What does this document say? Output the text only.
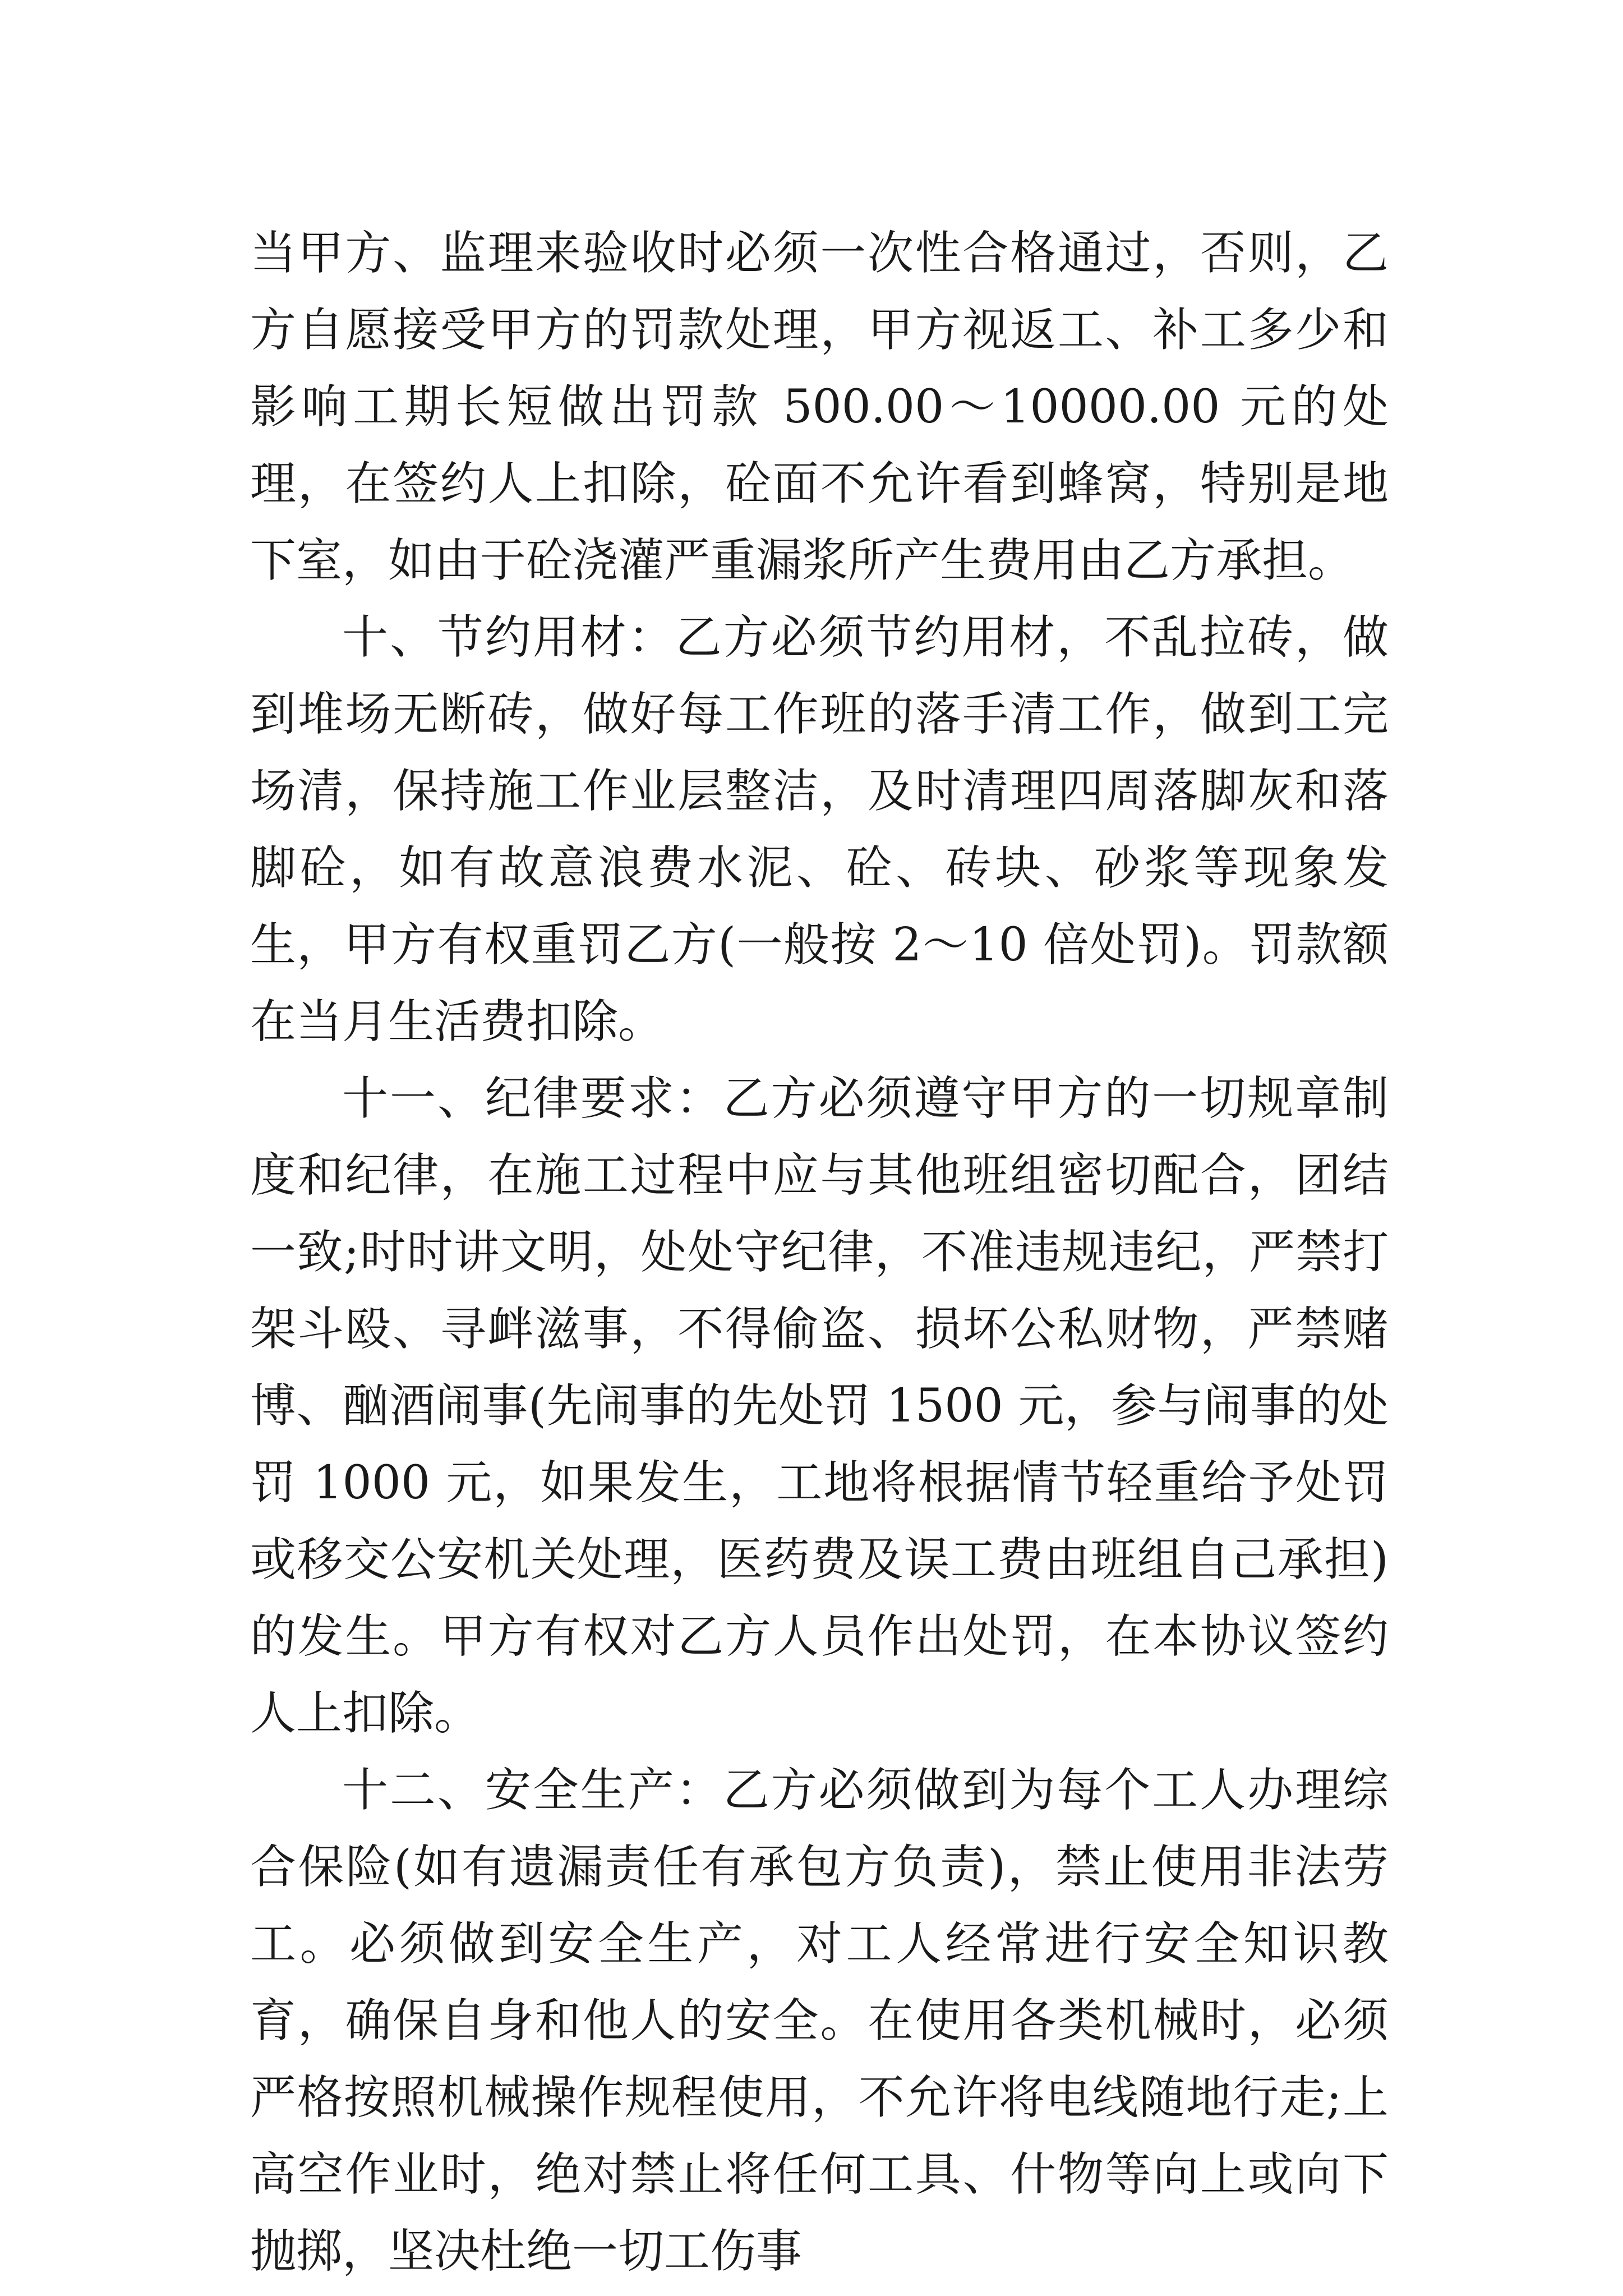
当甲方、监理来验收时必须一次性合格通过，否则，乙方自愿接受甲方的罚款处理，甲方视返工、补工多少和影响工期长短做出罚款 500.00～10000.00 元的处理，在签约人上扣除，砼面不允许看到蜂窝，特别是地下室，如由于砼浇灌严重漏浆所产生费用由乙方承担。

十、节约用材：乙方必须节约用材，不乱拉砖，做到堆场无断砖，做好每工作班的落手清工作，做到工完场清，保持施工作业层整洁，及时清理四周落脚灰和落脚砼，如有故意浪费水泥、砼、砖块、砂浆等现象发生，甲方有权重罚乙方(一般按 2～10 倍处罚)。罚款额在当月生活费扣除。

十一、纪律要求：乙方必须遵守甲方的一切规章制度和纪律，在施工过程中应与其他班组密切配合，团结一致;时时讲文明，处处守纪律，不准违规违纪，严禁打架斗殴、寻衅滋事，不得偷盗、损坏公私财物，严禁赌博、酗酒闹事(先闹事的先处罚 1500 元，参与闹事的处罚 1000 元，如果发生，工地将根据情节轻重给予处罚或移交公安机关处理，医药费及误工费由班组自己承担)的发生。甲方有权对乙方人员作出处罚，在本协议签约人上扣除。

十二、安全生产：乙方必须做到为每个工人办理综合保险(如有遗漏责任有承包方负责)，禁止使用非法劳工。必须做到安全生产，对工人经常进行安全知识教育，确保自身和他人的安全。在使用各类机械时，必须严格按照机械操作规程使用，不允许将电线随地行走;上高空作业时，绝对禁止将任何工具、什物等向上或向下抛掷，坚决杜绝一切工伤事
